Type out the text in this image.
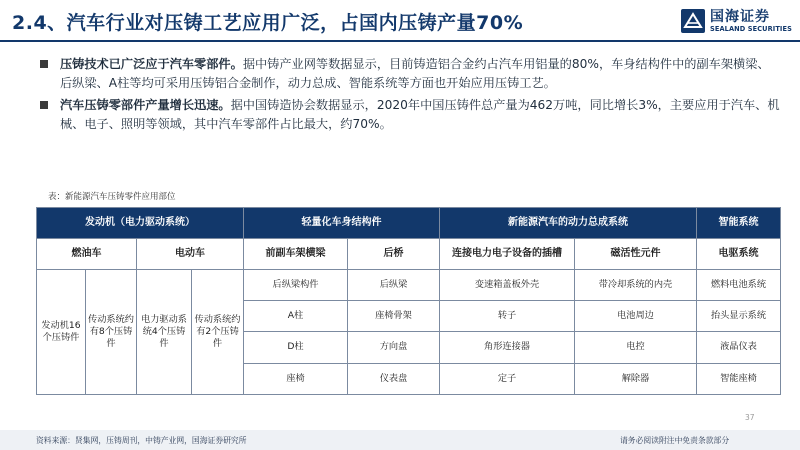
2.4、汽车行业对压铸工艺应用广泛，占国内压铸产量70%	国海证券
SEALAND SECURITIES
压铸技术已广泛应于汽车零部件。据中铸产业网等数据显示，目前铸造铝合金约占汽车用铝量的80%，车身结构件中的副车架横梁、后纵梁、A柱等均可采用压铸铝合金制作，动力总成、智能系统等方面也开始应用压铸工艺。
汽车压铸零部件产量增长迅速。据中国铸造协会数据显示，2020年中国压铸件总产量为462万吨，同比增长3%，主要应用于汽车、机械、电子、照明等领域，其中汽车零部件占比最大，约70%。
表：新能源汽车压铸零件应用部位
发动机（电力驱动系统）				轻量化车身结构件		新能源汽车的动力总成系统		智能系统
燃油车		电动车		前副车架横梁	后桥	连接电力电子设备的插槽	磁活性元件	电驱系统
发动机16个压铸件	传动系统约有8个压铸件	电力驱动系统4个压铸件	传动系统约有2个压铸件	后纵梁构件	后纵梁	变速箱盖板外壳	带冷却系统的内壳	燃料电池系统
				A柱	座椅骨架	转子	电池周边	抬头显示系统
				D柱	方向盘	角形连接器	电控	液晶仪表
				座椅	仪表盘	定子	解除器	智能座椅
37
资料来源：贤集网，压铸周刊，中铸产业网，国海证券研究所	请务必阅读附注中免责条款部分
